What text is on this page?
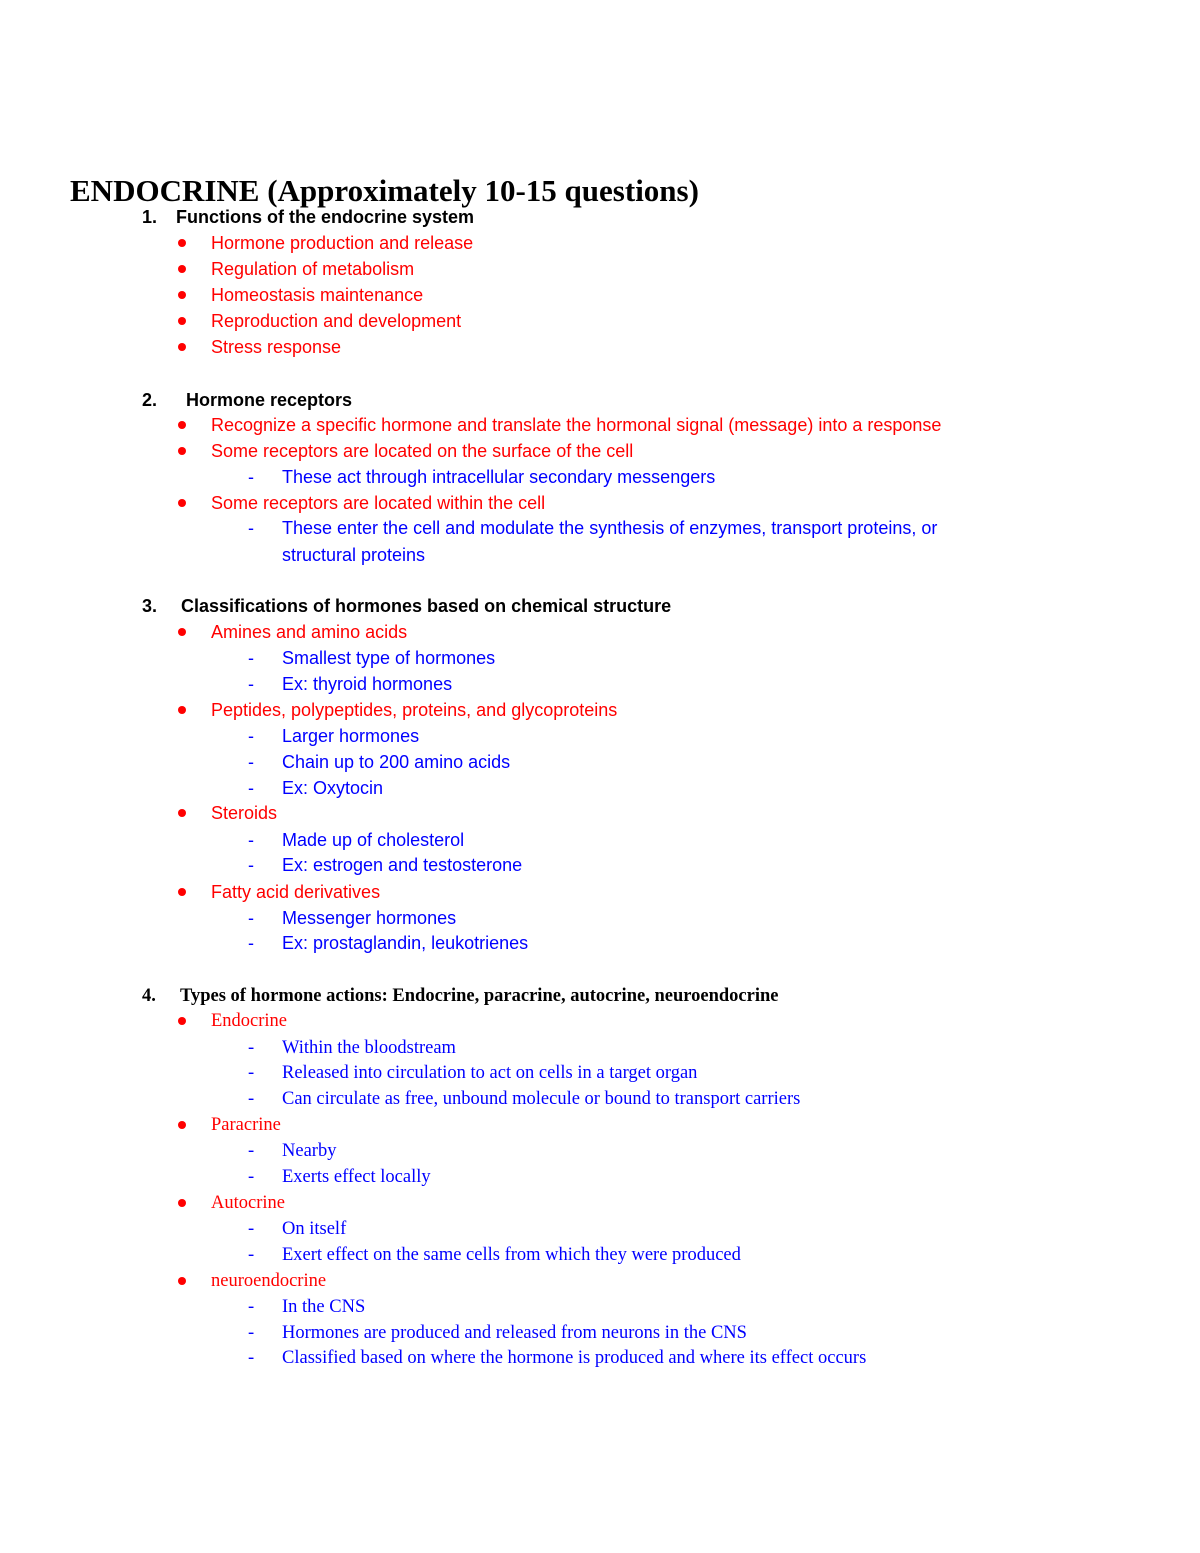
ENDOCRINE (Approximately 10-15 questions)
1. Functions of the endocrine system
Hormone production and release
Regulation of metabolism
Homeostasis maintenance
Reproduction and development
Stress response
2. Hormone receptors
Recognize a specific hormone and translate the hormonal signal (message) into a response
Some receptors are located on the surface of the cell
- These act through intracellular secondary messengers
Some receptors are located within the cell
- These enter the cell and modulate the synthesis of enzymes, transport proteins, or
structural proteins
3. Classifications of hormones based on chemical structure
Amines and amino acids
- Smallest type of hormones
- Ex: thyroid hormones
Peptides, polypeptides, proteins, and glycoproteins
- Larger hormones
- Chain up to 200 amino acids
- Ex: Oxytocin
Steroids
- Made up of cholesterol
- Ex: estrogen and testosterone
Fatty acid derivatives
- Messenger hormones
- Ex: prostaglandin, leukotrienes
4. Types of hormone actions: Endocrine, paracrine, autocrine, neuroendocrine
Endocrine
- Within the bloodstream
- Released into circulation to act on cells in a target organ
- Can circulate as free, unbound molecule or bound to transport carriers
Paracrine
- Nearby
- Exerts effect locally
Autocrine
- On itself
- Exert effect on the same cells from which they were produced
neuroendocrine
- In the CNS
- Hormones are produced and released from neurons in the CNS
- Classified based on where the hormone is produced and where its effect occurs
